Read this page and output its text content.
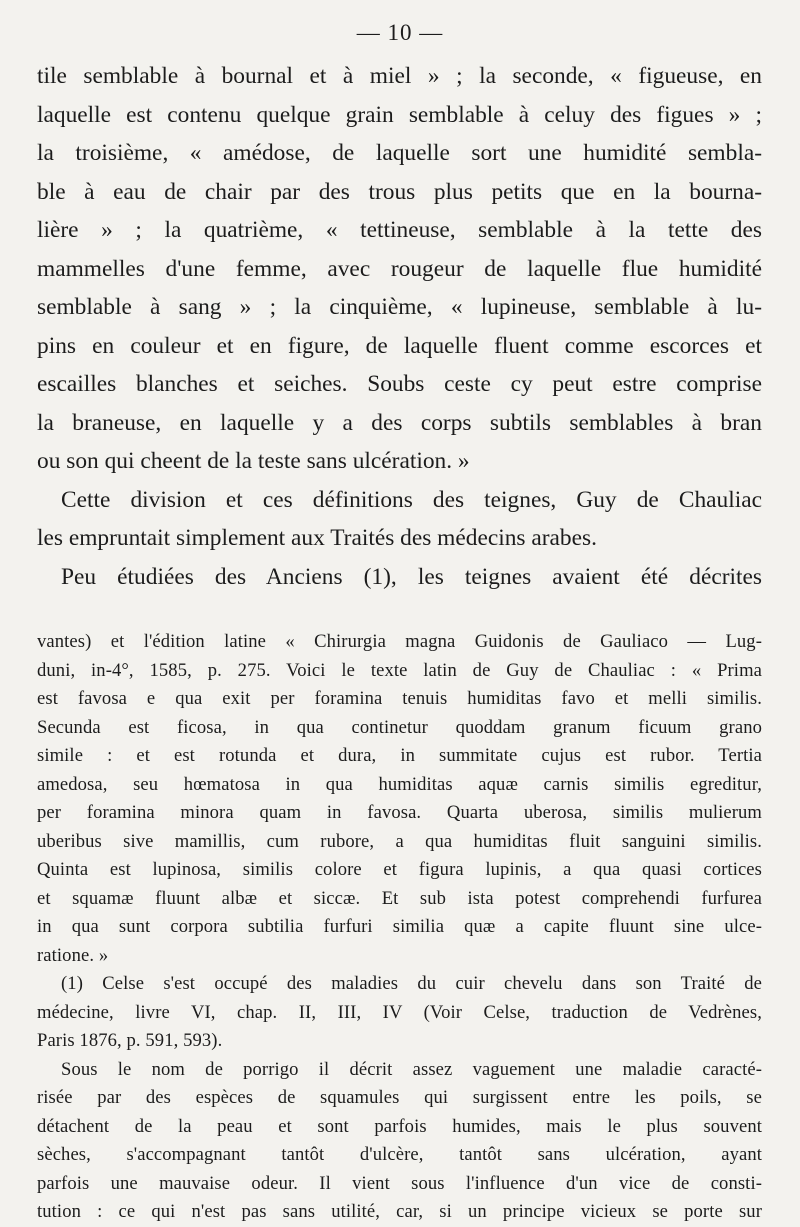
— 10 —
tile semblable à bournal et à miel » ; la seconde, « figueuse, en
laquelle est contenu quelque grain semblable à celuy des figues » ;
la troisième, « amédose, de laquelle sort une humidité sembla-
ble à eau de chair par des trous plus petits que en la bourna-
lière » ; la quatrième, « tettineuse, semblable à la tette des
mammelles d'une femme, avec rougeur de laquelle flue humidité
semblable à sang » ; la cinquième, « lupineuse, semblable à lu-
pins en couleur et en figure, de laquelle fluent comme escorces et
escailles blanches et seiches. Soubs ceste cy peut estre comprise
la braneuse, en laquelle y a des corps subtils semblables à bran
ou son qui cheent de la teste sans ulcération. »
Cette division et ces définitions des teignes, Guy de Chauliac
les empruntait simplement aux Traités des médecins arabes.
Peu étudiées des Anciens (1), les teignes avaient été décrites
vantes) et l'édition latine « Chirurgia magna Guidonis de Gauliaco — Lug-
duni, in-4°, 1585, p. 275. Voici le texte latin de Guy de Chauliac : « Prima
est favosa e qua exit per foramina tenuis humiditas favo et melli similis.
Secunda est ficosa, in qua continetur quoddam granum ficuum grano
simile : et est rotunda et dura, in summitate cujus est rubor. Tertia
amedosa, seu hœmatosa in qua humiditas aquæ carnis similis egreditur,
per foramina minora quam in favosa. Quarta uberosa, similis mulierum
uberibus sive mamillis, cum rubore, a qua humiditas fluit sanguini similis.
Quinta est lupinosa, similis colore et figura lupinis, a qua quasi cortices
et squamæ fluunt albæ et siccæ. Et sub ista potest comprehendi furfurea
in qua sunt corpora subtilia furfuri similia quæ a capite fluunt sine ulce-
ratione. »
(1) Celse s'est occupé des maladies du cuir chevelu dans son Traité de
médecine, livre VI, chap. II, III, IV (Voir Celse, traduction de Vedrènes,
Paris 1876, p. 591, 593).
Sous le nom de porrigo il décrit assez vaguement une maladie caracté-
risée par des espèces de squamules qui surgissent entre les poils, se
détachent de la peau et sont parfois humides, mais le plus souvent
sèches, s'accompagnant tantôt d'ulcère, tantôt sans ulcération, ayant
parfois une mauvaise odeur. Il vient sous l'influence d'un vice de consti-
tution : ce qui n'est pas sans utilité, car, si un principe vicieux se porte sur
